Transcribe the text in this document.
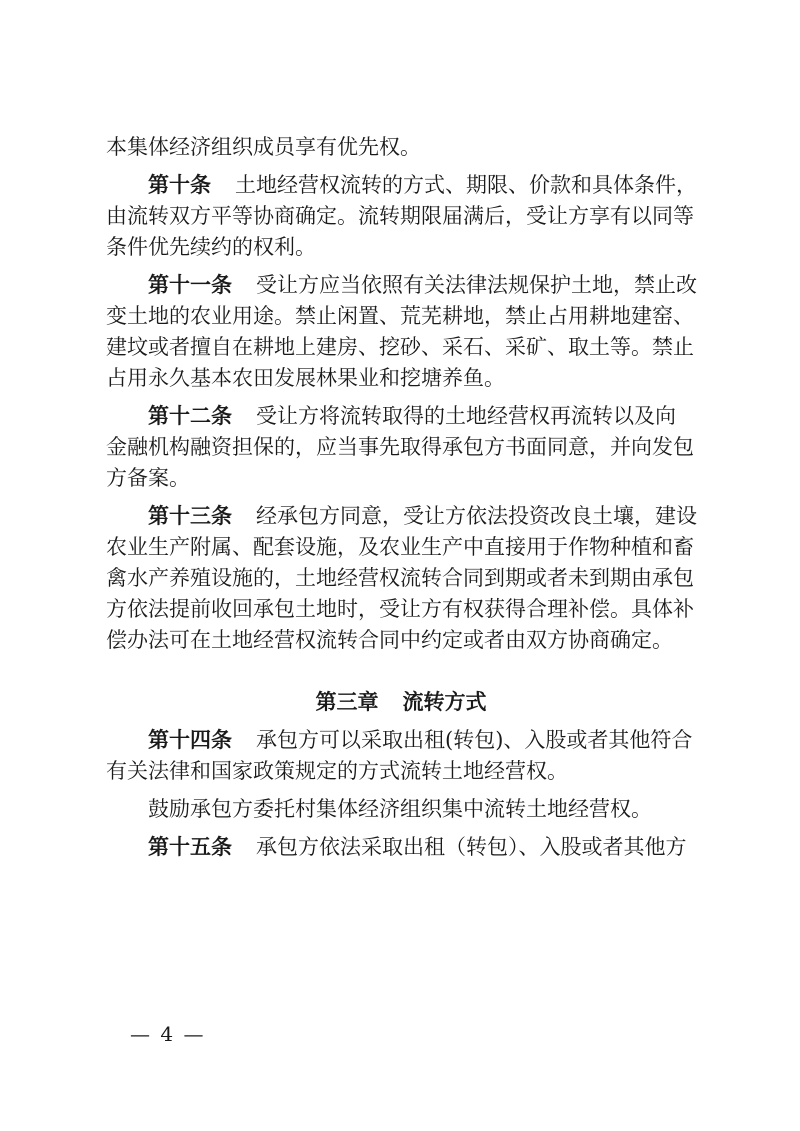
本集体经济组织成员享有优先权。
第十条 土地经营权流转的方式、期限、价款和具体条件，
由流转双方平等协商确定。流转期限届满后，受让方享有以同等
条件优先续约的权利。
第十一条 受让方应当依照有关法律法规保护土地，禁止改
变土地的农业用途。禁止闲置、荒芜耕地，禁止占用耕地建窑、
建坟或者擅自在耕地上建房、挖砂、采石、采矿、取土等。禁止
占用永久基本农田发展林果业和挖塘养鱼。
第十二条 受让方将流转取得的土地经营权再流转以及向
金融机构融资担保的，应当事先取得承包方书面同意，并向发包
方备案。
第十三条 经承包方同意，受让方依法投资改良土壤，建设
农业生产附属、配套设施，及农业生产中直接用于作物种植和畜
禽水产养殖设施的，土地经营权流转合同到期或者未到期由承包
方依法提前收回承包土地时，受让方有权获得合理补偿。具体补
偿办法可在土地经营权流转合同中约定或者由双方协商确定。
第三章 流转方式
第十四条 承包方可以采取出租(转包)、入股或者其他符合
有关法律和国家政策规定的方式流转土地经营权。
鼓励承包方委托村集体经济组织集中流转土地经营权。
第十五条 承包方依法采取出租（转包）、入股或者其他方
— 4 —
